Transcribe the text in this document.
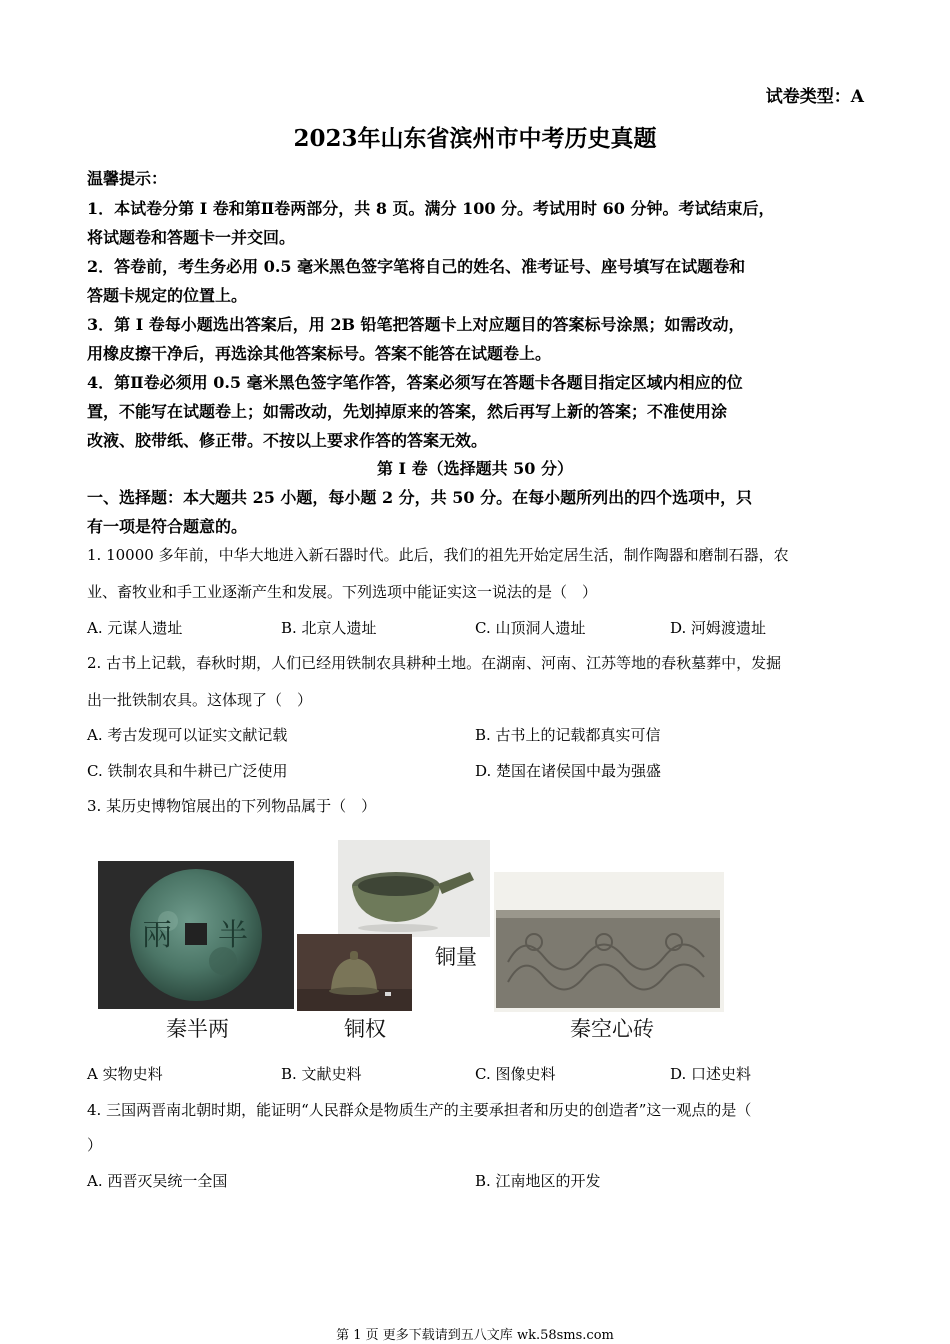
试卷类型：A
2023年山东省滨州市中考历史真题
温馨提示：
1．本试卷分第 I 卷和第Ⅱ卷两部分，共 8 页。满分 100 分。考试用时 60 分钟。考试结束后，
将试题卷和答题卡一并交回。
2．答卷前，考生务必用 0.5 毫米黑色签字笔将自己的姓名、准考证号、座号填写在试题卷和
答题卡规定的位置上。
3．第 I 卷每小题选出答案后，用 2B 铅笔把答题卡上对应题目的答案标号涂黑；如需改动，
用橡皮擦干净后，再选涂其他答案标号。答案不能答在试题卷上。
4．第Ⅱ卷必须用 0.5 毫米黑色签字笔作答，答案必须写在答题卡各题目指定区域内相应的位
置，不能写在试题卷上；如需改动，先划掉原来的答案，然后再写上新的答案；不准使用涂
改液、胶带纸、修正带。不按以上要求作答的答案无效。
第 I 卷（选择题共 50 分）
一、选择题：本大题共 25 小题，每小题 2 分，共 50 分。在每小题所列出的四个选项中，只
有一项是符合题意的。
1. 10000 多年前，中华大地进入新石器时代。此后，我们的祖先开始定居生活，制作陶器和磨制石器，农
业、畜牧业和手工业逐渐产生和发展。下列选项中能证实这一说法的是（　）
A. 元谋人遗址	B. 北京人遗址	C. 山顶洞人遗址	D. 河姆渡遗址
2. 古书上记载，春秋时期，人们已经用铁制农具耕种土地。在湖南、河南、江苏等地的春秋墓葬中，发掘
出一批铁制农具。这体现了（　）
A. 考古发现可以证实文献记载	B. 古书上的记载都真实可信
C. 铁制农具和牛耕已广泛使用	D. 楚国在诸侯国中最为强盛
3. 某历史博物馆展出的下列物品属于（　）
兩 半
秦半两
铜量
铜权	秦空心砖
A 实物史料	B. 文献史料	C. 图像史料	D. 口述史料
4. 三国两晋南北朝时期，能证明“人民群众是物质生产的主要承担者和历史的创造者”这一观点的是（
）
A. 西晋灭吴统一全国	B. 江南地区的开发
第 1 页 更多下载请到五八文库 wk.58sms.com
